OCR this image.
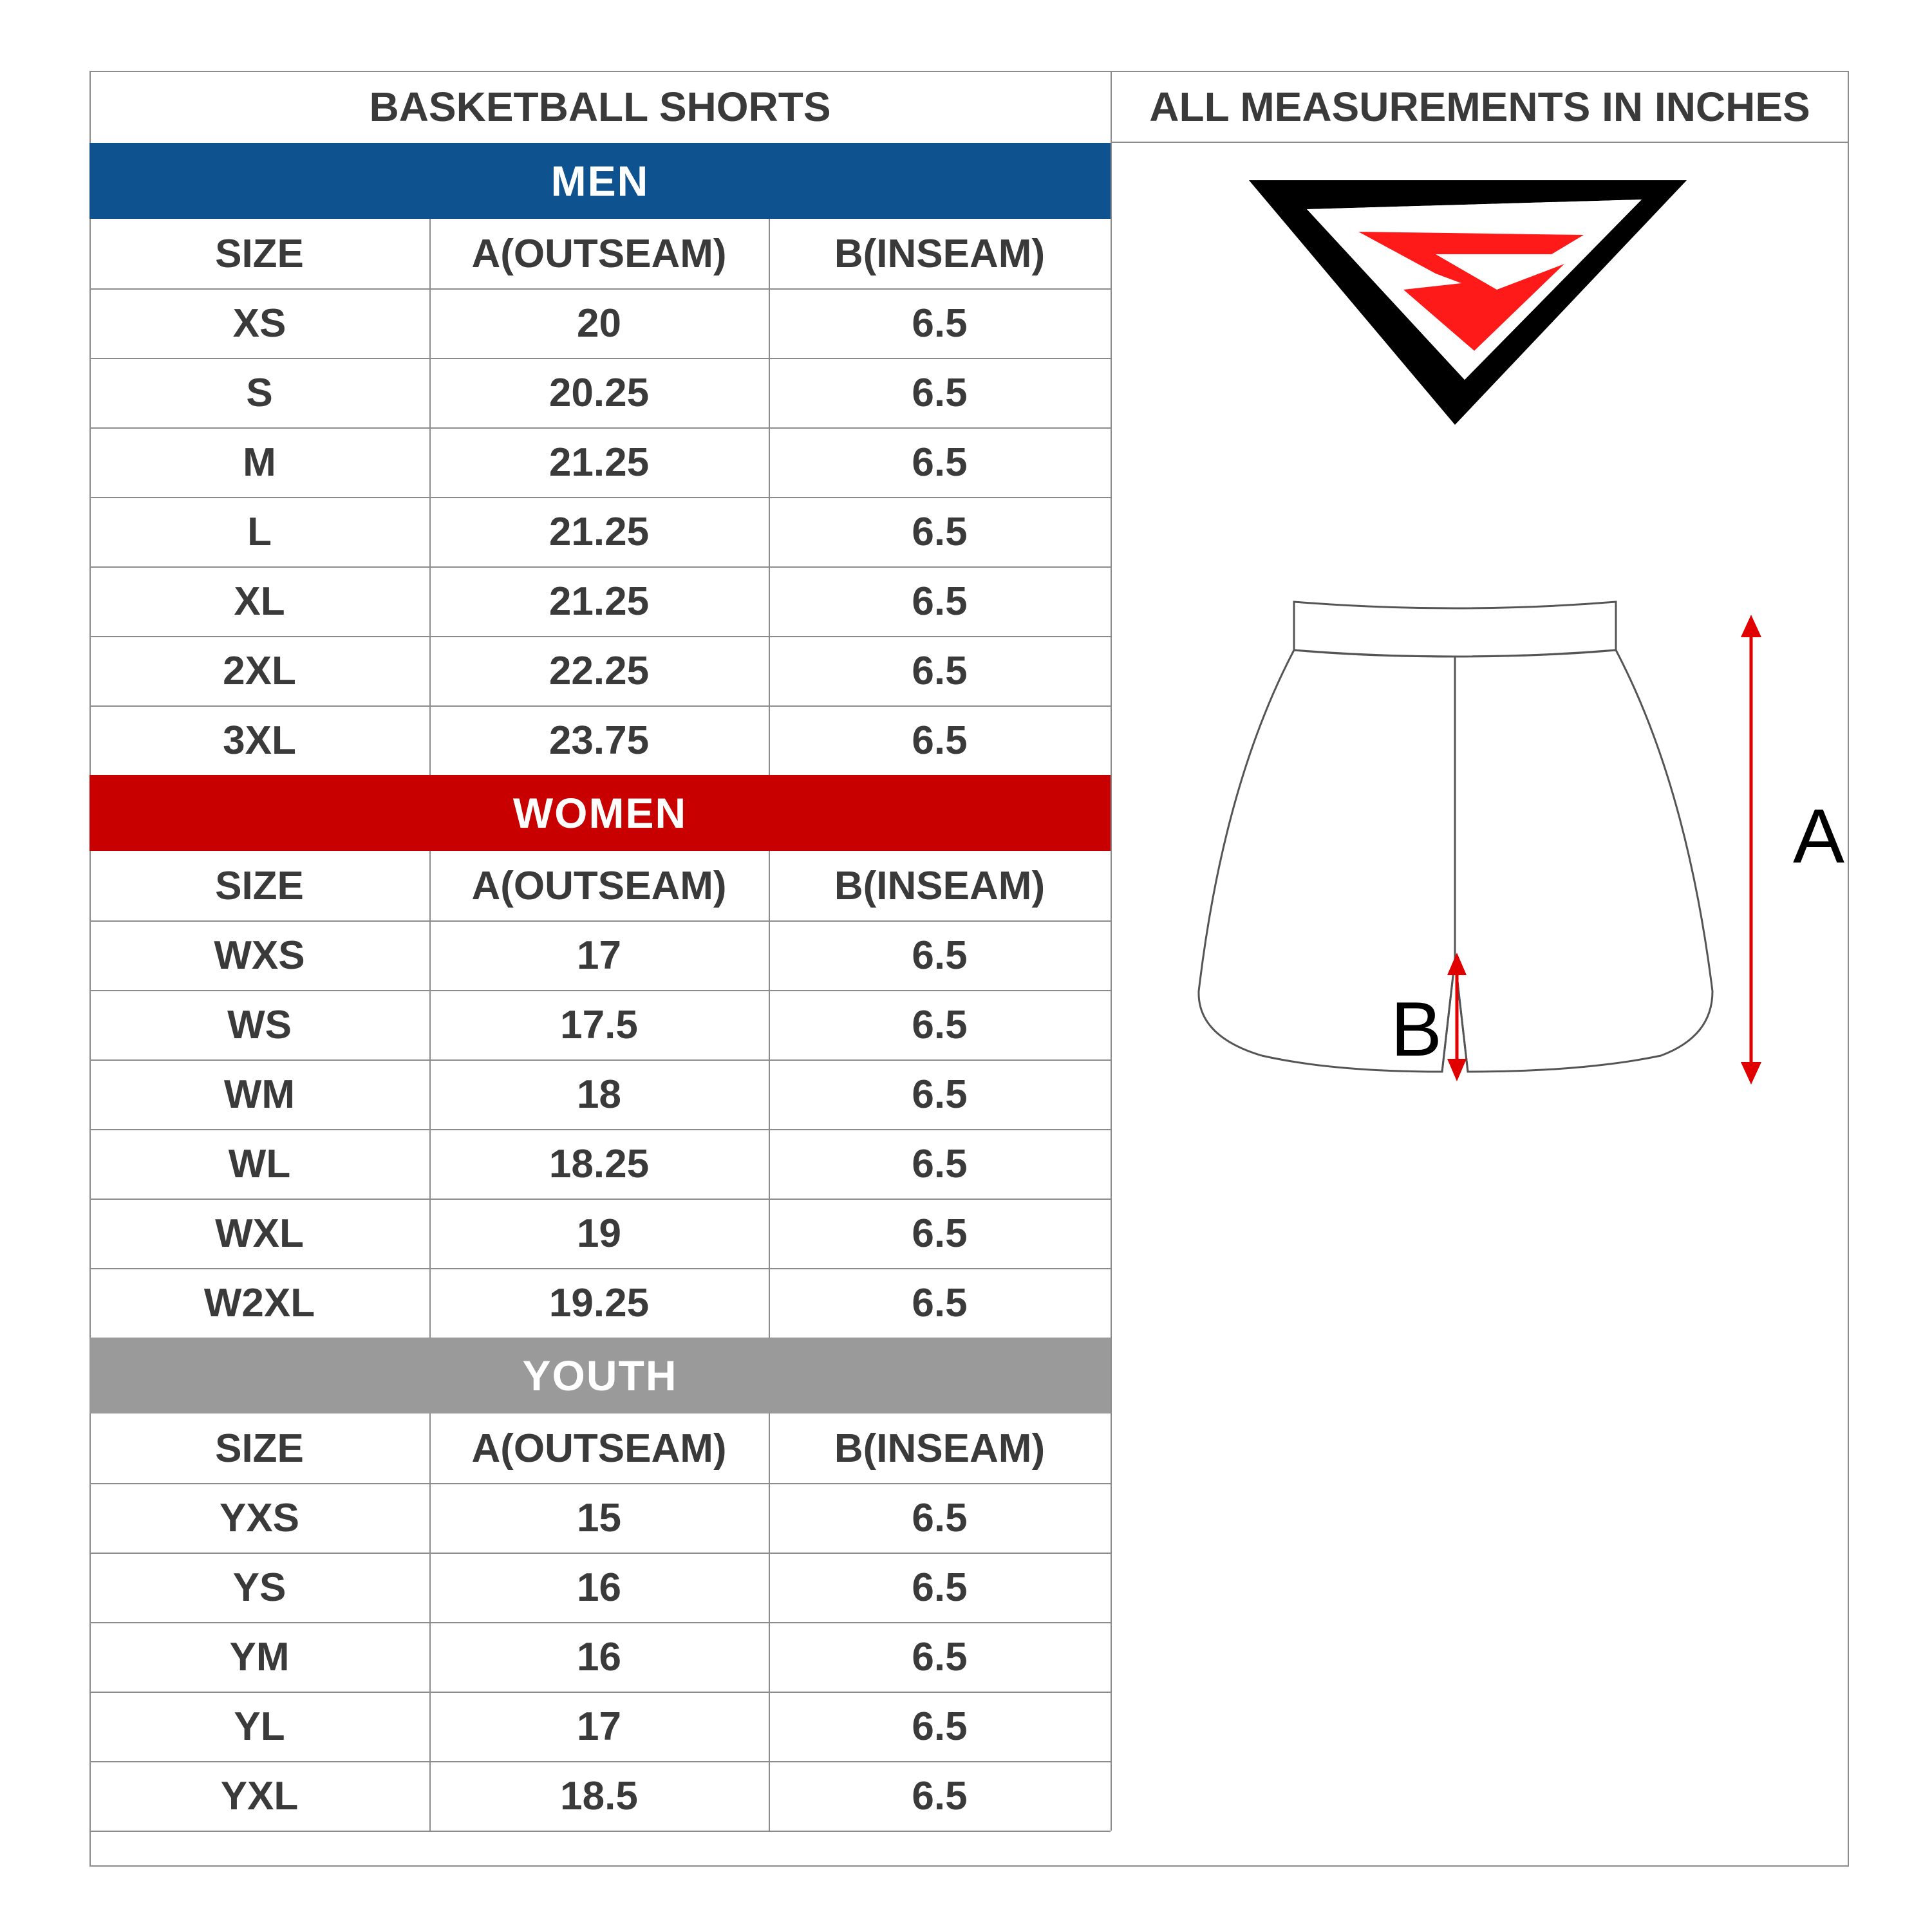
ALL MEASUREMENTS IN INCHES
BASKETBALL SHORTS
MEN
SIZE	A(OUTSEAM)	B(INSEAM)
XS	20	6.5
S	20.25	6.5
M	21.25	6.5
L	21.25	6.5
XL	21.25	6.5
2XL	22.25	6.5
3XL	23.75	6.5
WOMEN
SIZE	A(OUTSEAM)	B(INSEAM)
WXS	17	6.5
WS	17.5	6.5
WM	18	6.5
WL	18.25	6.5
WXL	19	6.5
W2XL	19.25	6.5
YOUTH
SIZE	A(OUTSEAM)	B(INSEAM)
YXS	15	6.5
YS	16	6.5
YM	16	6.5
YL	17	6.5
YXL	18.5	6.5
A
B
